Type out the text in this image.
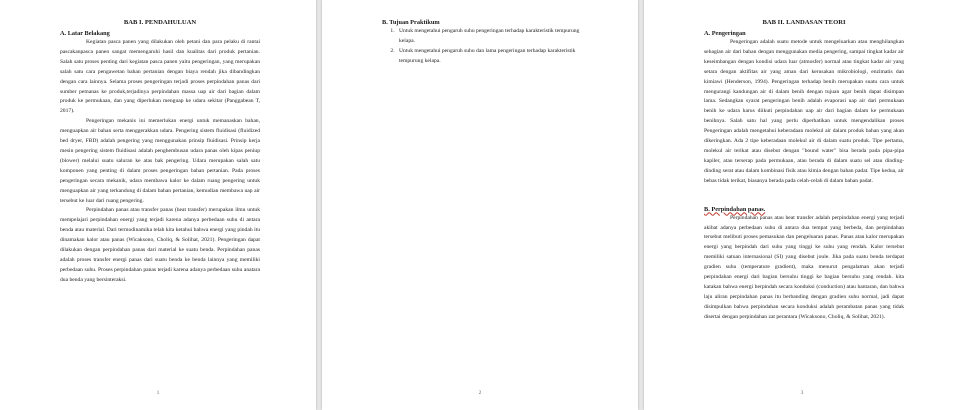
BAB I. PENDAHULUAN

A. Latar Belakang

Kegiatan pasca panen yang dilakukan oleh petani dan para pelaku di rantai pascakanpasca panen sangat memengaruhi hasil dan kualitas dari produk pertanian. Salah satu proses penting dari kegiatan pasca panen yaitu pengeringan, yang merupakan salah satu cara pengawetan bahan pertanian dengan biaya rendah jika dibandingkan dengan cara lainnya. Selama proses pengeringan terjadi proses perpindahan panas dari sumber pemanas ke produk,terjadinya perpindahan massa uap air dari bagian dalam produk ke permukaan, dan yang diperlukan menguap ke udara sekitar (Panggabean T, 2017).

Pengeringan mekanis ini memerlukan energi untuk memanaskan bahan, menguapkan air bahan serta menggerakkan udara. Pengering sistem fluidisasi (fluidized bed dryer, FBD) adalah pengering yang menggunakan prinsip fluidisasi. Prinsip kerja mesin pengering sistem fluidisasi adalah penghembusan udara panas oleh kipas peniup (blower) melalui suatu saluran ke atas bak pengering. Udara merupakan salah satu komponen yang penting di dalam proses pengeringan bahan pertanian. Pada proses pengeringan secara mekanik, udara membawa kalor ke dalam ruang pengering untuk menguapkan air yang terkandung di dalam bahan pertanian, kemudian membawa uap air tersebut ke luar dari ruang pengering.

Perpindahan panas atau transfer panas (heat transfer) merupakan ilmu untuk mempelajari perpindahan energi yang terjadi karena adanya perbedaan suhu di antara benda atau material. Dari termodinamika telah kita ketahui bahwa energi yang pindah itu dinamakan kalor atau panas (Wicaksono, Choliq, & Solihat, 2021). Pengeringan dapat dilakukan dengan perpindahan panas dari material ke suatu benda. Perpindahan panas adalah proses transfer energi panas dari suatu benda ke benda lainnya yang memiliki perbedaan suhu. Proses perpindahan panas terjadi karena adanya perbedaan suhu anatara dua benda yang bersinteraksi.

1

B. Tujuan Praktikum

1. Untuk mengetahui pengaruh suhu pengeringan terhadap karakteristik tempurung kelapa.
2. Untuk mengetahui pengaruh suhu dan lama pengeringan terhadap karakteristik tempurung kelapa.
2

BAB II. LANDASAN TEORI

A. Pengeringan

Pengeringan adalah suatu metode untuk mengeluarkan atau menghilangkan sebagian air dari bahan dengan menggunakan media pengering, sampai tingkat kadar air keseimbangan dengan kondisi udara luar (atmosfer) normal atau tingkat kadar air yang setara dengan aktifitas air yang aman dari kerusakan mikrobiologi, enzimatis dan kimiawi (Henderson, 1994). Pengeringan terhadap benih merupakan suatu cara untuk mengurangi kandungan air di dalam benih dengan tujuan agar benih dapat disimpan lama. Sedangkan syarat pengeringan benih adalah evaporasi uap air dari permukaan benih ke udara harus diikuti perpindahan uap air dari bagian dalam ke permukaan benihnya. Salah satu hal yang perlu diperhatikan untuk mengendalikan proses Pengeringan adalah mengetahui keberadaan molekul air dalam produk bahan yang akan dikeringkan. Ada 2 tipe keberadaan molekul air di dalam suatu produk. Tipe pertama, molekul air terikat atau disebut dengan "bound water" bisa berada pada pipa-pipa kapiler, atau terserap pada permukaan, atau berada di dalam suatu sel atau dinding-dinding serat atau dalam kombinasi fisik atau kimia dengan bahan padat. Tipe kedua, air bebas tidak terikat, biasanya berada pada celah-celah di dalam bahan padat.

B. Perpindahan panas.

Perpindahan panas atau heat transfer adalah perpindahan energi yang terjadi akibat adanya perbedaan suhu di antara dua tempat yang berbeda, dan perpindahan tersebut melibuti proses pemasukan dan pengeluaran panas. Panas atau kalor merupakan energi yang berpindah dari suhu yang tinggi ke suhu yang rendah. Kalor tersebut memiliki satuan internasional (SI) yang disebut joule. Jika pada suatu benda terdapat gradien suhu (temperature gradient), maka menurut pengalaman akan terjadi perpindahan energi dari bagian bersuhu tinggi ke bagian bersuhu yang rendah. kita katakan bahwa energi berpindah secara konduksi (conduction) atau hantaran, dan bahwa laju aliran perpindahan panas itu berbanding dengan gradien suhu normal, jadi dapat disimpulkan bahwa perpindahan secara konduksi adalah perambatan panas yang tidak disertai dengan perpindahan zat perantara (Wicaksono, Choliq, & Solihat, 2021).

3
